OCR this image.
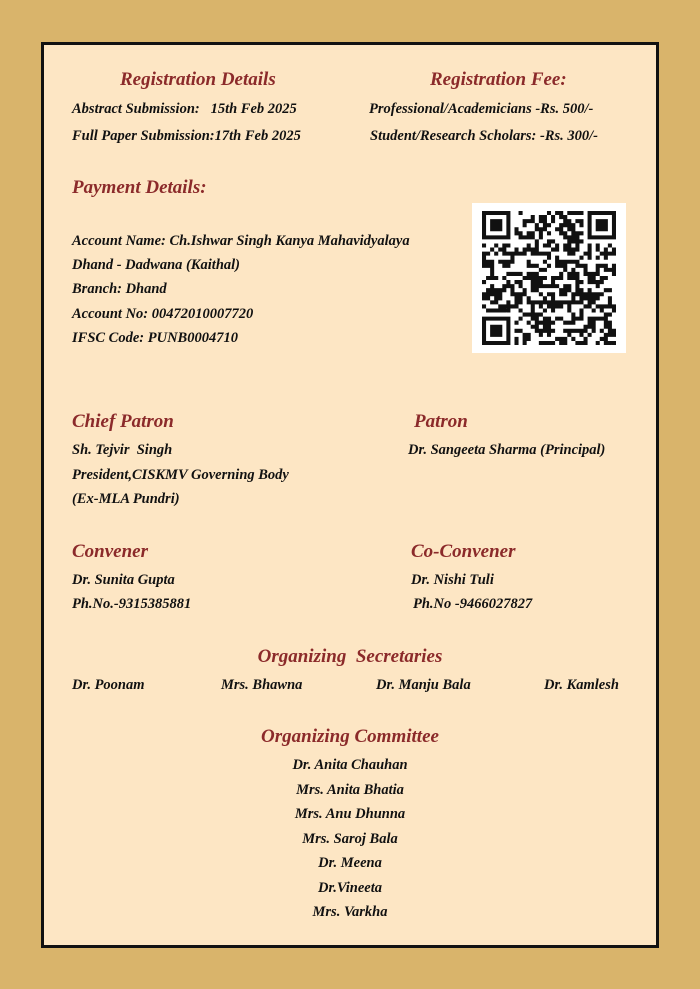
Registration Details	Registration Fee:
Abstract Submission:   15th Feb 2025	Professional/Academicians -Rs. 500/-
Full Paper Submission:17th Feb 2025	Student/Research Scholars: -Rs. 300/-
Payment Details:
Account Name: Ch.Ishwar Singh Kanya Mahavidyalaya
Dhand - Dadwana (Kaithal)
Branch: Dhand
Account No: 00472010007720
IFSC Code: PUNB0004710
Chief Patron	Patron
Sh. Tejvir  Singh	Dr. Sangeeta Sharma (Principal)
President,CISKMV Governing Body
(Ex-MLA Pundri)
Convener	Co-Convener
Dr. Sunita Gupta	Dr. Nishi Tuli
Ph.No.-9315385881	Ph.No -9466027827
Organizing  Secretaries
Dr. Poonam	Mrs. Bhawna	Dr. Manju Bala	Dr. Kamlesh
Organizing Committee
Dr. Anita Chauhan
Mrs. Anita Bhatia
Mrs. Anu Dhunna
Mrs. Saroj Bala
Dr. Meena
Dr.Vineeta
Mrs. Varkha
